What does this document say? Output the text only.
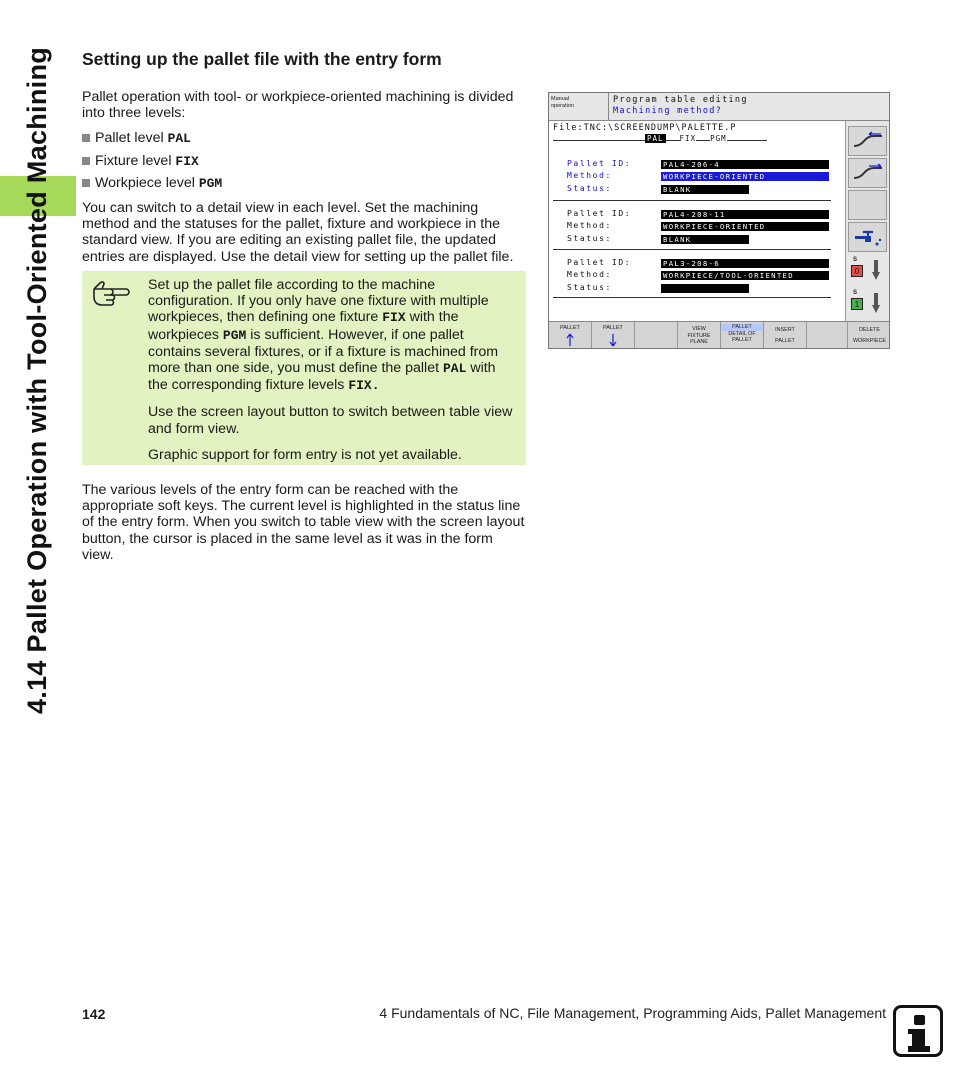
4.14 Pallet Operation with Tool-Oriented Machining Setting up the pallet file with the entry form

Pallet operation with tool- or workpiece-oriented machining is divided into three levels:

Pallet level PAL
Fixture level FIX
Workpiece level PGM

You can switch to a detail view in each level. Set the machining method and the statuses for the pallet, fixture and workpiece in the standard view. If you are editing an existing pallet file, the updated entries are displayed. Use the detail view for setting up the pallet file.

Set up the pallet file according to the machine configuration. If you only have one fixture with multiple workpieces, then defining one fixture FIX with the workpieces PGM is sufficient. However, if one pallet contains several fixtures, or if a fixture is machined from more than one side, you must define the pallet PAL with the corresponding fixture levels FIX.

Use the screen layout button to switch between table view and form view.

Graphic support for form entry is not yet available.

The various levels of the entry form can be reached with the appropriate soft keys. The current level is highlighted in the status line of the entry form. When you switch to table view with the screen layout button, the cursor is placed in the same level as it was in the form view.

Manual
operation
Program table editing
Machining method?
File:TNC:\SCREENDUMP\PALETTE.P
PAL FIX PGM
Pallet ID:	PAL4-206-4
Method:	WORKPIECE-ORIENTED
Status:	BLANK
Pallet ID:	PAL4-208-11
Method:	WORKPIECE-ORIENTED
Status:	BLANK
Pallet ID:	PAL3-208-6
Method:	WORKPIECE/TOOL-ORIENTED
Status:
S
0
S
1
PALLET	PALLET	VIEW
FIXTURE
PLANE
PALLET
DETAIL OF
PALLET
INSERT
PALLET
DELETE
WORKPIECE
142	4 Fundamentals of NC, File Management, Programming Aids, Pallet Management
